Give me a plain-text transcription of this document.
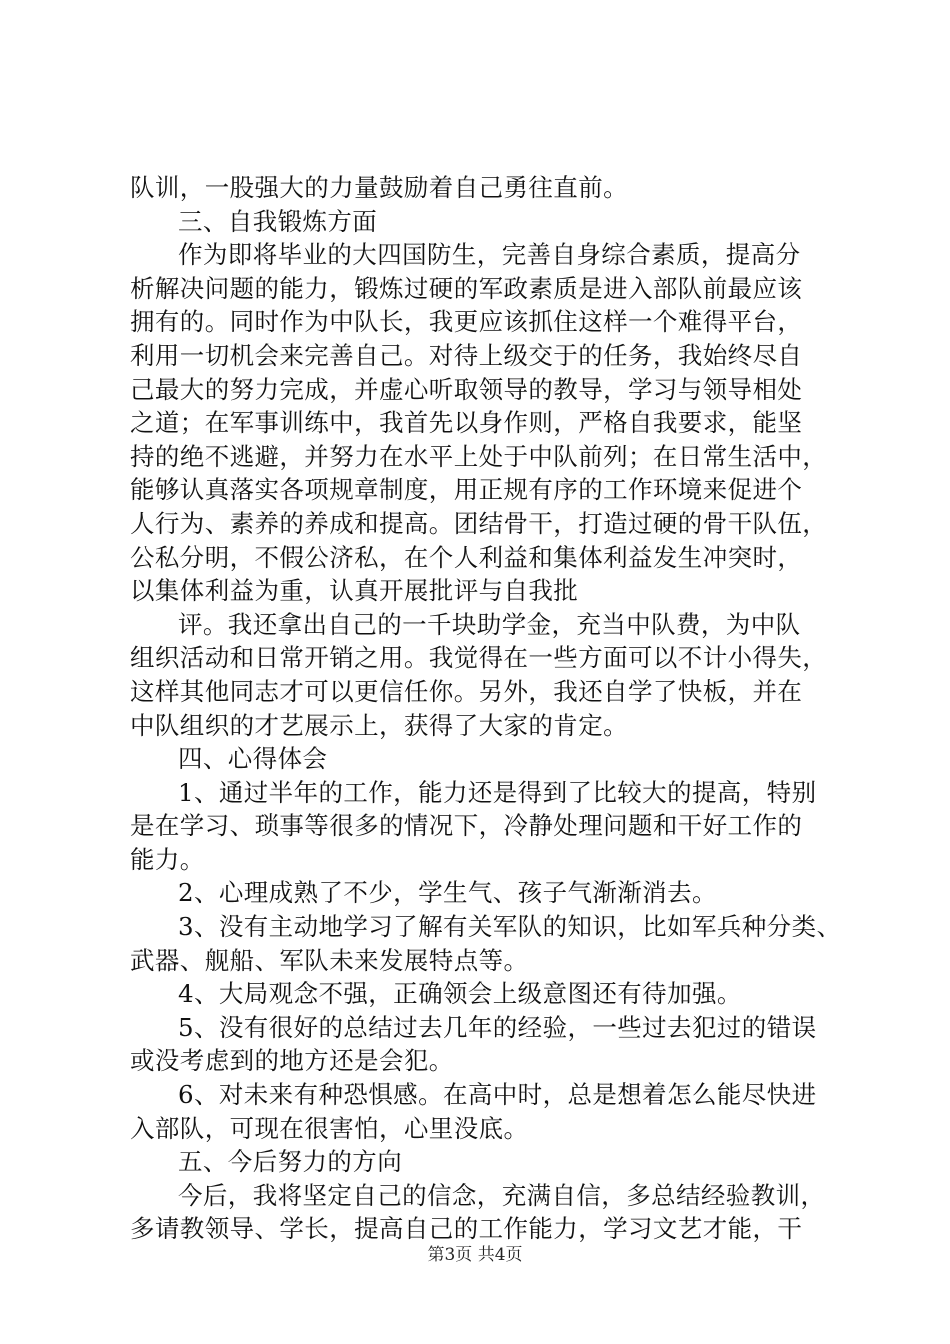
队训，一股强大的力量鼓励着自己勇往直前。
三、自我锻炼方面
作为即将毕业的大四国防生，完善自身综合素质，提高分
析解决问题的能力，锻炼过硬的军政素质是进入部队前最应该
拥有的。同时作为中队长，我更应该抓住这样一个难得平台，
利用一切机会来完善自己。对待上级交于的任务，我始终尽自
己最大的努力完成，并虚心听取领导的教导，学习与领导相处
之道；在军事训练中，我首先以身作则，严格自我要求，能坚
持的绝不逃避，并努力在水平上处于中队前列；在日常生活中，
能够认真落实各项规章制度，用正规有序的工作环境来促进个
人行为、素养的养成和提高。团结骨干，打造过硬的骨干队伍，
公私分明，不假公济私，在个人利益和集体利益发生冲突时，
以集体利益为重，认真开展批评与自我批
评。我还拿出自己的一千块助学金，充当中队费，为中队
组织活动和日常开销之用。我觉得在一些方面可以不计小得失，
这样其他同志才可以更信任你。另外，我还自学了快板，并在
中队组织的才艺展示上，获得了大家的肯定。
四、心得体会
1、通过半年的工作，能力还是得到了比较大的提高，特别
是在学习、琐事等很多的情况下，冷静处理问题和干好工作的
能力。
2、心理成熟了不少，学生气、孩子气渐渐消去。
3、没有主动地学习了解有关军队的知识，比如军兵种分类、
武器、舰船、军队未来发展特点等。
4、大局观念不强，正确领会上级意图还有待加强。
5、没有很好的总结过去几年的经验，一些过去犯过的错误
或没考虑到的地方还是会犯。
6、对未来有种恐惧感。在高中时，总是想着怎么能尽快进
入部队，可现在很害怕，心里没底。
五、今后努力的方向
今后，我将坚定自己的信念，充满自信，多总结经验教训，
多请教领导、学长，提高自己的工作能力，学习文艺才能，干
第3页 共4页
